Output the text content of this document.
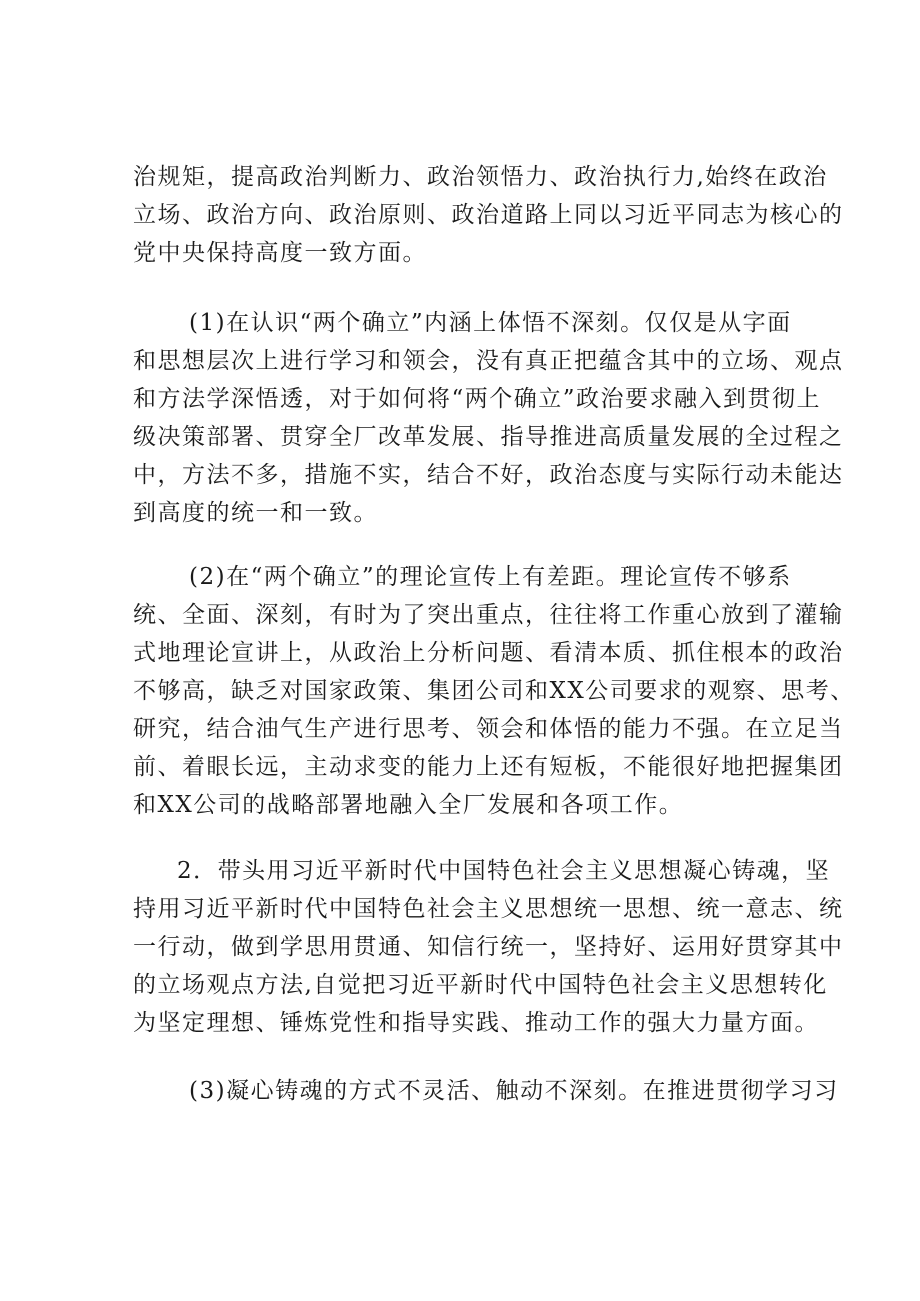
治规矩，提高政治判断力、政治领悟力、政治执行力,始终在政治
立场、政治方向、政治原则、政治道路上同以习近平同志为核心的
党中央保持高度一致方面。
(1)在认识“两个确立”内涵上体悟不深刻。仅仅是从字面
和思想层次上进行学习和领会，没有真正把蕴含其中的立场、观点
和方法学深悟透，对于如何将“两个确立”政治要求融入到贯彻上
级决策部署、贯穿全厂改革发展、指导推进高质量发展的全过程之
中，方法不多，措施不实，结合不好，政治态度与实际行动未能达
到高度的统一和一致。
(2)在“两个确立”的理论宣传上有差距。理论宣传不够系
统、全面、深刻，有时为了突出重点，往往将工作重心放到了灌输
式地理论宣讲上，从政治上分析问题、看清本质、抓住根本的政治
不够高，缺乏对国家政策、集团公司和XX公司要求的观察、思考、
研究，结合油气生产进行思考、领会和体悟的能力不强。在立足当
前、着眼长远，主动求变的能力上还有短板，不能很好地把握集团
和XX公司的战略部署地融入全厂发展和各项工作。
2．带头用习近平新时代中国特色社会主义思想凝心铸魂，坚
持用习近平新时代中国特色社会主义思想统一思想、统一意志、统
一行动，做到学思用贯通、知信行统一，坚持好、运用好贯穿其中
的立场观点方法,自觉把习近平新时代中国特色社会主义思想转化
为坚定理想、锤炼党性和指导实践、推动工作的强大力量方面。
(3)凝心铸魂的方式不灵活、触动不深刻。在推进贯彻学习习
